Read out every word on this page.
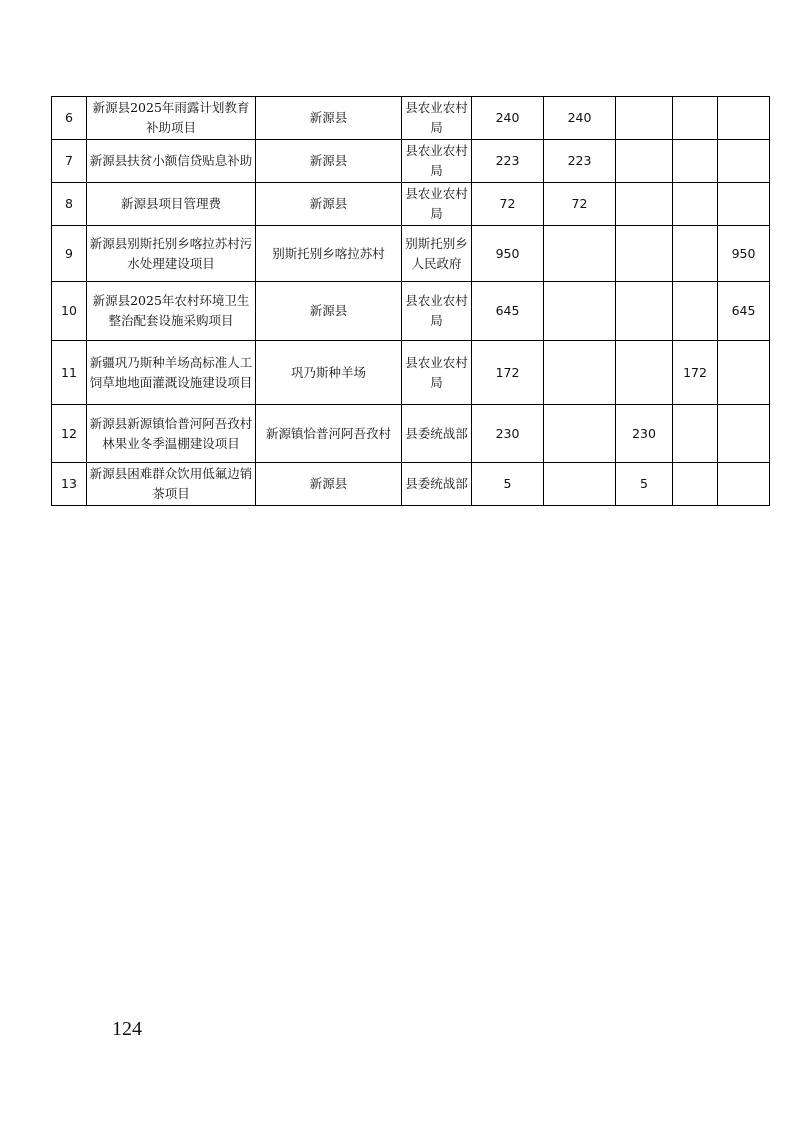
6	新源县2025年雨露计划教育补助项目	新源县	县农业农村局	240	240			
7	新源县扶贫小额信贷贴息补助	新源县	县农业农村局	223	223			
8	新源县项目管理费	新源县	县农业农村局	72	72			
9	新源县别斯托别乡喀拉苏村污水处理建设项目	别斯托别乡喀拉苏村	别斯托别乡人民政府	950				950
10	新源县2025年农村环境卫生整治配套设施采购项目	新源县	县农业农村局	645				645
11	新疆巩乃斯种羊场高标准人工饲草地地面灌溉设施建设项目	巩乃斯种羊场	县农业农村局	172			172	
12	新源县新源镇恰普河阿吾孜村林果业冬季温棚建设项目	新源镇恰普河阿吾孜村	县委统战部	230		230		
13	新源县困难群众饮用低氟边销茶项目	新源县	县委统战部	5		5		
124
